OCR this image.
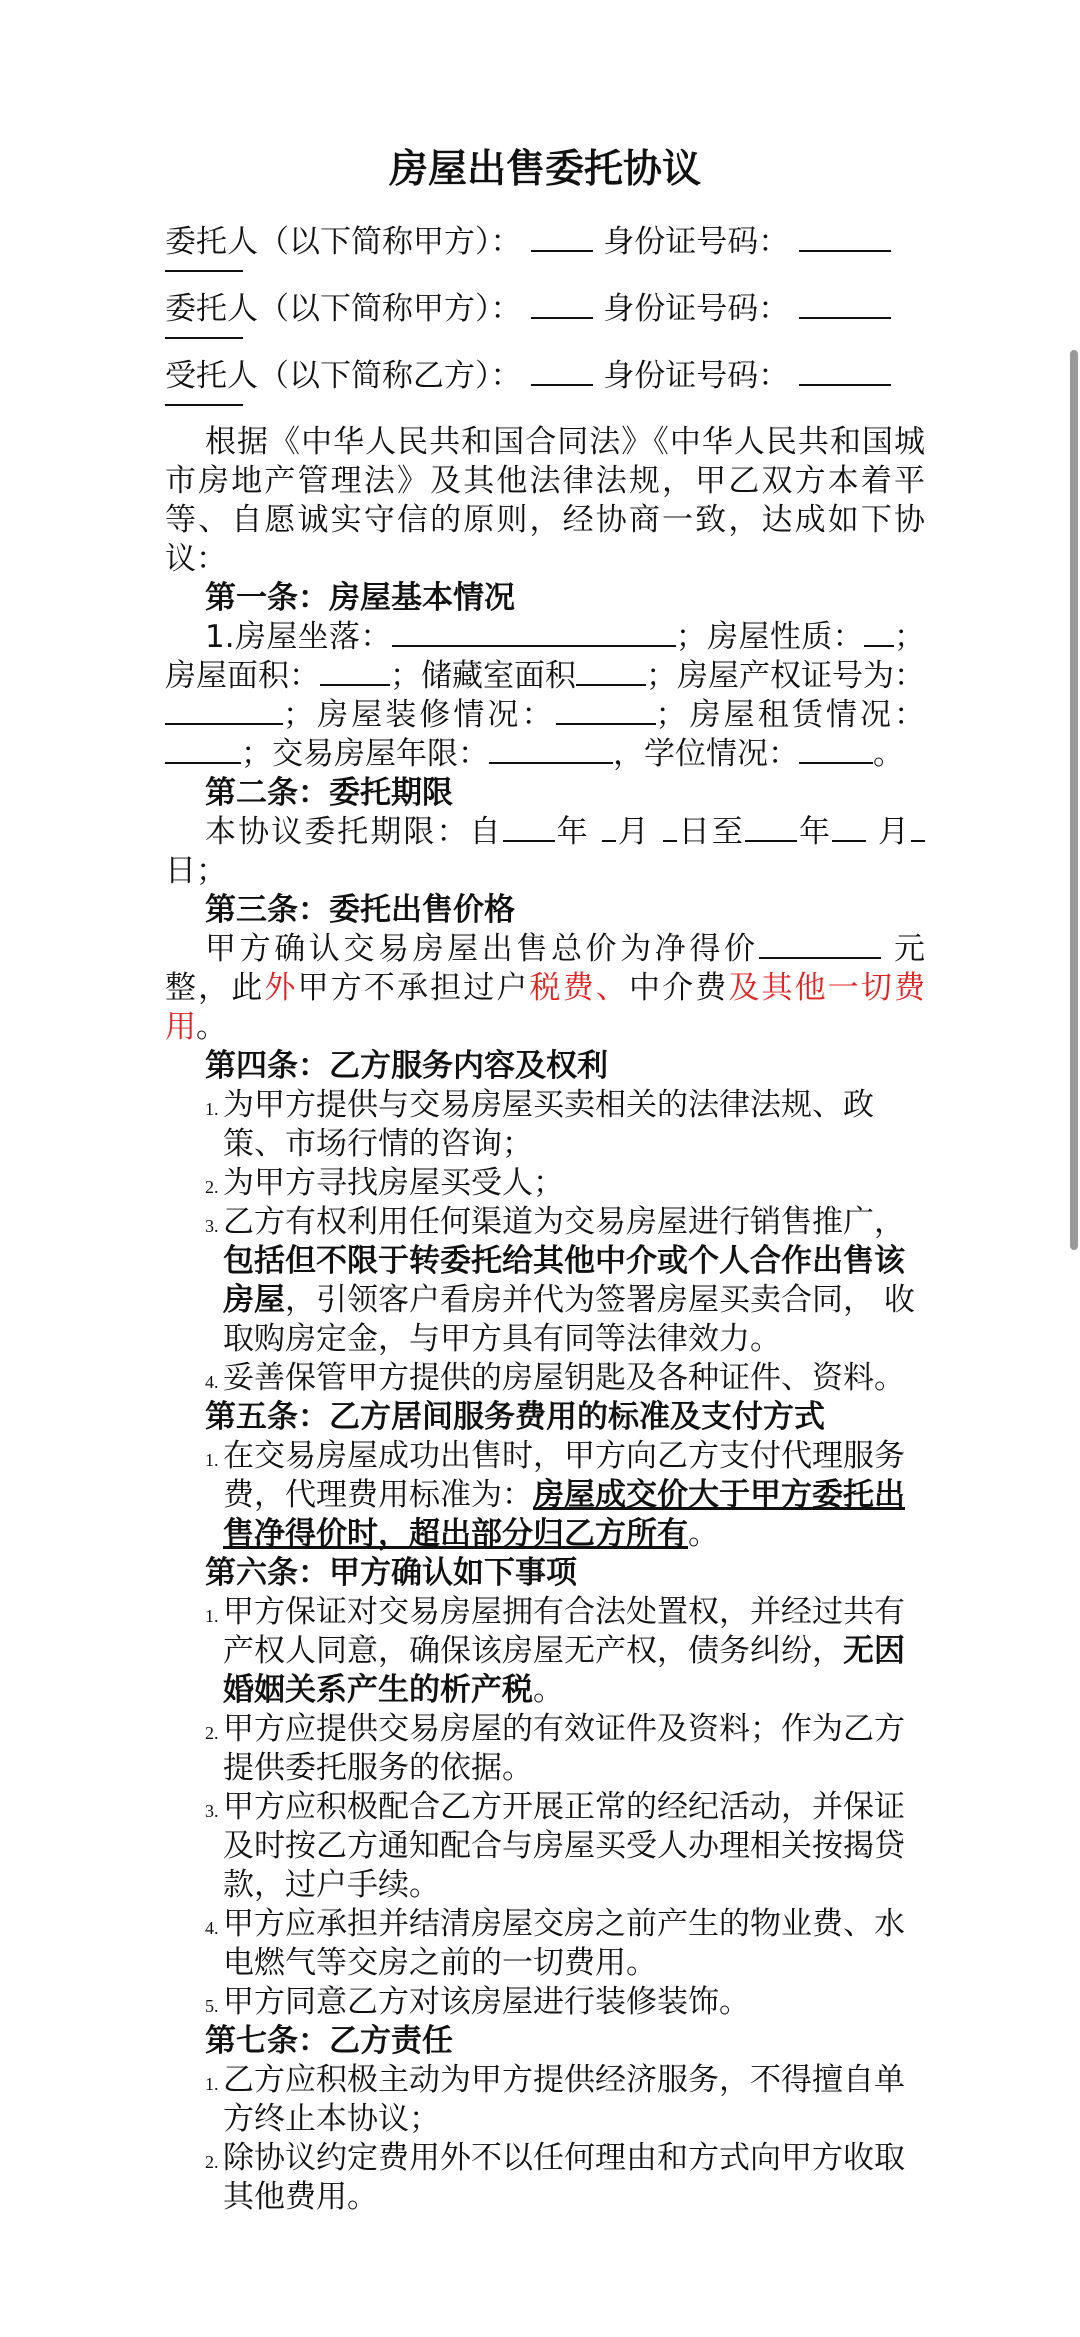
房屋出售委托协议
委托人（以下简称甲方）：	身份证号码：
委托人（以下简称甲方）：	身份证号码：
受托人（以下简称乙方）：	身份证号码：

根据《中华人民共和国合同法》《中华人民共和国城市房地产管理法》及其他法律法规，甲乙双方本着平等、自愿诚实守信的原则，经协商一致，达成如下协议：

第一条：房屋基本情况

1.房屋坐落：	；房屋性质： ；房屋面积： ；储藏室面积 ；房屋产权证号为：；房屋装修情况：	；房屋租赁情况：；交易房屋年限：	，学位情况： 。

第二条：委托期限

本协议委托期限：自 年 月 日至 年 月日；

第三条：委托出售价格

甲方确认交易房屋出售总价为净得价	元整，此外甲方不承担过户税费、中介费及其他一切费用。

第四条：乙方服务内容及权利
1. 为甲方提供与交易房屋买卖相关的法律法规、政策、市场行情的咨询；
2. 为甲方寻找房屋买受人；
3. 乙方有权利用任何渠道为交易房屋进行销售推广，包括但不限于转委托给其他中介或个人合作出售该房屋，引领客户看房并代为签署房屋买卖合同， 收取购房定金，与甲方具有同等法律效力。
4. 妥善保管甲方提供的房屋钥匙及各种证件、资料。
第五条：乙方居间服务费用的标准及支付方式
1. 在交易房屋成功出售时，甲方向乙方支付代理服务费，代理费用标准为：房屋成交价大于甲方委托出售净得价时，超出部分归乙方所有。
第六条：甲方确认如下事项
1. 甲方保证对交易房屋拥有合法处置权，并经过共有产权人同意，确保该房屋无产权，债务纠纷，无因婚姻关系产生的析产税。
2. 甲方应提供交易房屋的有效证件及资料；作为乙方提供委托服务的依据。
3. 甲方应积极配合乙方开展正常的经纪活动，并保证及时按乙方通知配合与房屋买受人办理相关按揭贷款，过户手续。
4. 甲方应承担并结清房屋交房之前产生的物业费、水电燃气等交房之前的一切费用。
5. 甲方同意乙方对该房屋进行装修装饰。
第七条：乙方责任
1. 乙方应积极主动为甲方提供经济服务，不得擅自单方终止本协议；
2. 除协议约定费用外不以任何理由和方式向甲方收取其他费用。
